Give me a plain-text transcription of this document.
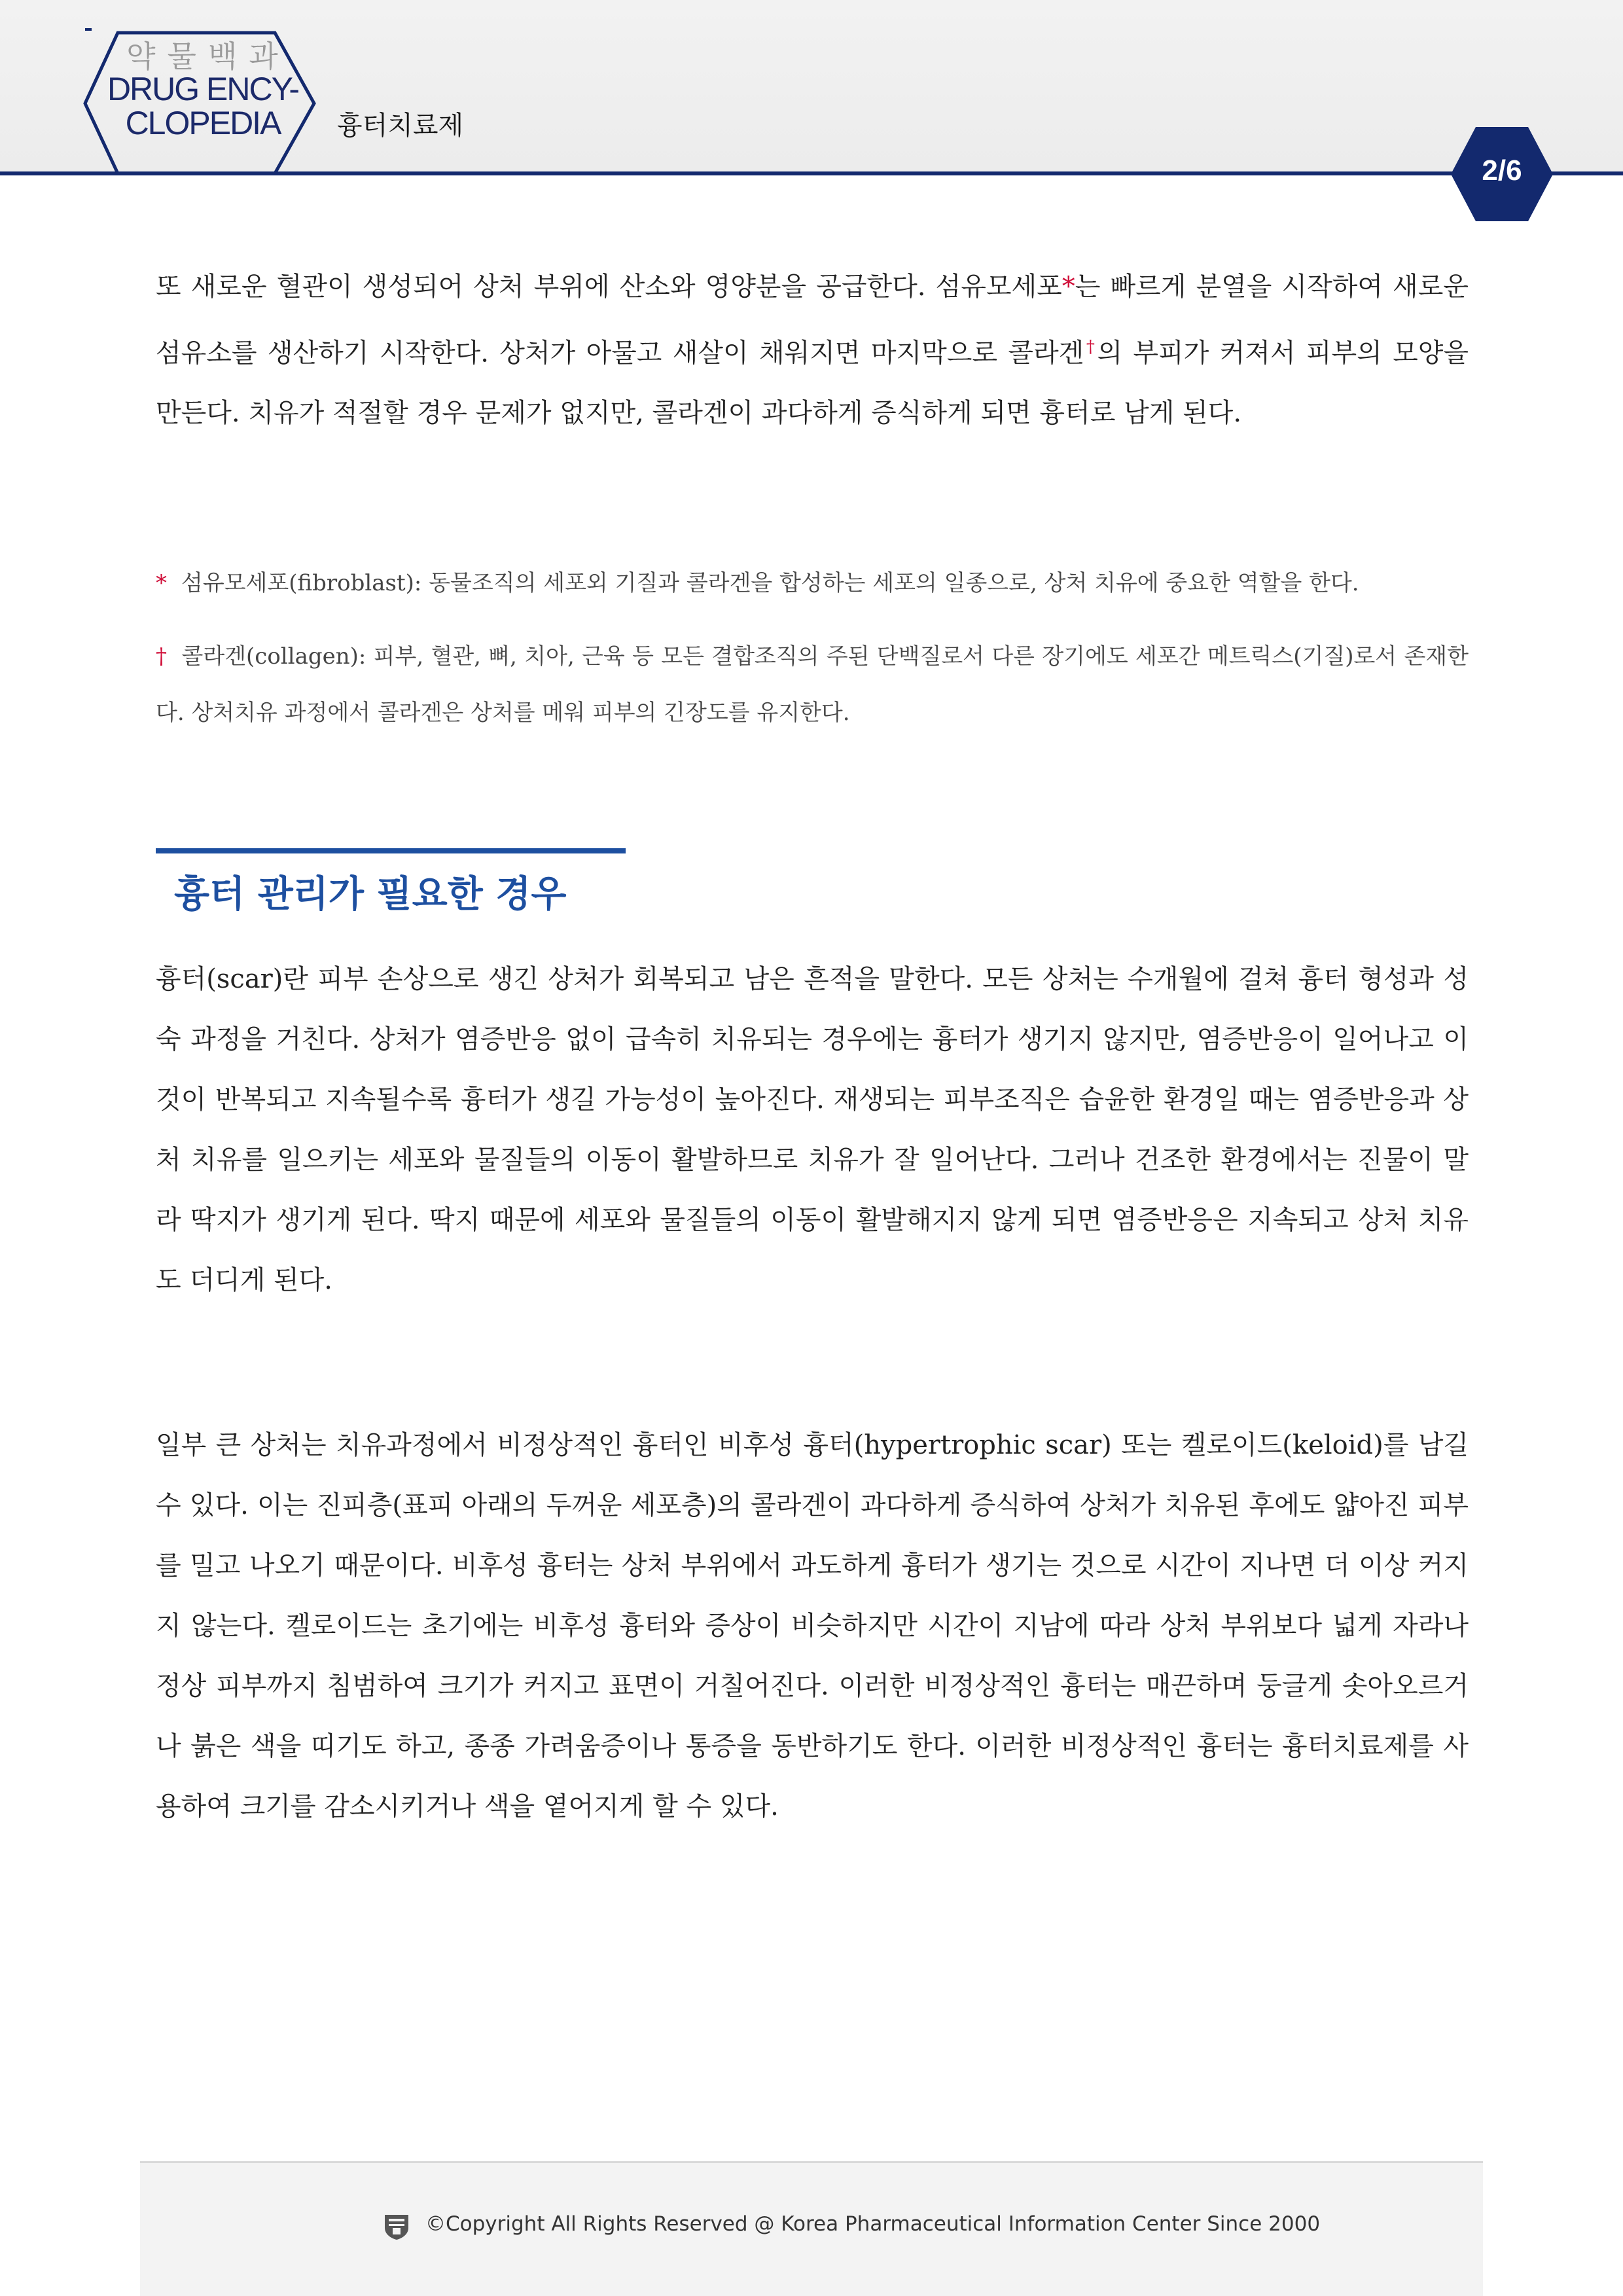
약물백과
DRUG ENCY-
CLOPEDIA	흉터치료제
2/6
또 새로운 혈관이 생성되어 상처 부위에 산소와 영양분을 공급한다. 섬유모세포*는 빠르게 분열을 시작하여 새로운 섬유소를 생산하기 시작한다. 상처가 아물고 새살이 채워지면 마지막으로 콜라겐†의 부피가 커져서 피부의 모양을 만든다. 치유가 적절할 경우 문제가 없지만, 콜라겐이 과다하게 증식하게 되면 흉터로 남게 된다.
* 섬유모세포(fibroblast): 동물조직의 세포외 기질과 콜라겐을 합성하는 세포의 일종으로, 상처 치유에 중요한 역할을 한다.
† 콜라겐(collagen): 피부, 혈관, 뼈, 치아, 근육 등 모든 결합조직의 주된 단백질로서 다른 장기에도 세포간 메트릭스(기질)로서 존재한다. 상처치유 과정에서 콜라겐은 상처를 메워 피부의 긴장도를 유지한다.
흉터 관리가 필요한 경우
흉터(scar)란 피부 손상으로 생긴 상처가 회복되고 남은 흔적을 말한다. 모든 상처는 수개월에 걸쳐 흉터 형성과 성숙 과정을 거친다. 상처가 염증반응 없이 급속히 치유되는 경우에는 흉터가 생기지 않지만, 염증반응이 일어나고 이것이 반복되고 지속될수록 흉터가 생길 가능성이 높아진다. 재생되는 피부조직은 습윤한 환경일 때는 염증반응과 상처 치유를 일으키는 세포와 물질들의 이동이 활발하므로 치유가 잘 일어난다. 그러나 건조한 환경에서는 진물이 말라 딱지가 생기게 된다. 딱지 때문에 세포와 물질들의 이동이 활발해지지 않게 되면 염증반응은 지속되고 상처 치유도 더디게 된다.
일부 큰 상처는 치유과정에서 비정상적인 흉터인 비후성 흉터(hypertrophic scar) 또는 켈로이드(keloid)를 남길 수 있다. 이는 진피층(표피 아래의 두꺼운 세포층)의 콜라겐이 과다하게 증식하여 상처가 치유된 후에도 얇아진 피부를 밀고 나오기 때문이다. 비후성 흉터는 상처 부위에서 과도하게 흉터가 생기는 것으로 시간이 지나면 더 이상 커지지 않는다. 켈로이드는 초기에는 비후성 흉터와 증상이 비슷하지만 시간이 지남에 따라 상처 부위보다 넓게 자라나 정상 피부까지 침범하여 크기가 커지고 표면이 거칠어진다. 이러한 비정상적인 흉터는 매끈하며 둥글게 솟아오르거나 붉은 색을 띠기도 하고, 종종 가려움증이나 통증을 동반하기도 한다. 이러한 비정상적인 흉터는 흉터치료제를 사용하여 크기를 감소시키거나 색을 옅어지게 할 수 있다.
©Copyright All Rights Reserved @ Korea Pharmaceutical Information Center Since 2000
